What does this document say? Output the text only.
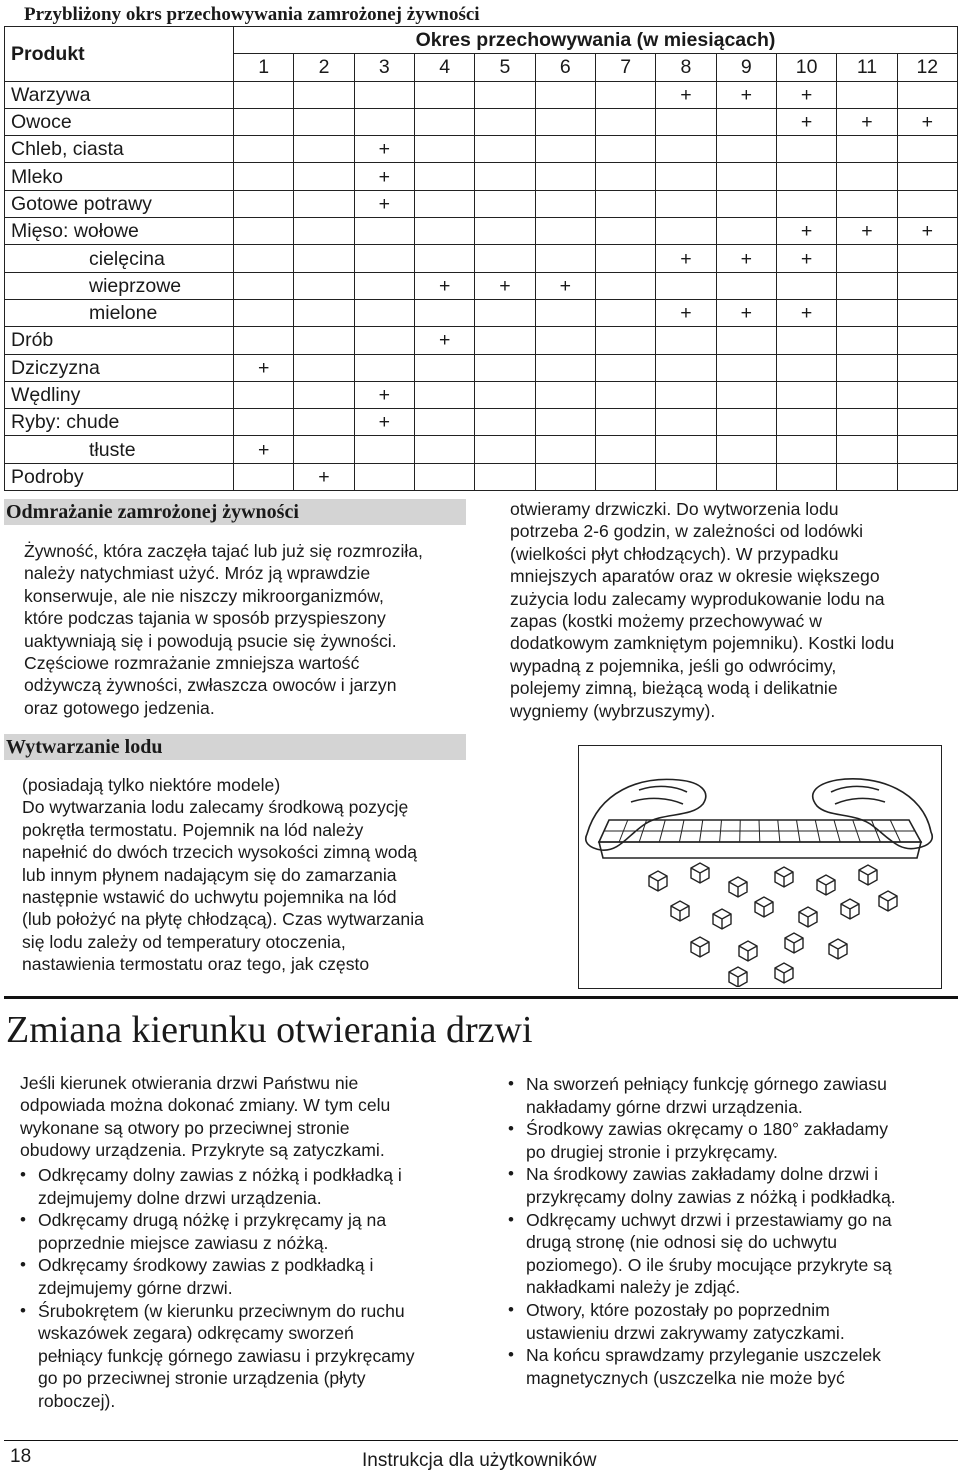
Przybliżony okrs przechowywania zamrożonej żywności
Produkt	Okres przechowywania (w miesiącach)											
	1	2	3	4	5	6	7	8	9	10	11	12
Warzywa								+	+	+		
Owoce										+	+	+
Chleb, ciasta			+									
Mleko			+									
Gotowe potrawy			+									
Mięso: wołowe										+	+	+
cielęcina								+	+	+		
wieprzowe				+	+	+						
mielone								+	+	+		
Drób				+								
Dziczyzna	+											
Wędliny			+									
Ryby: chude			+									
tłuste	+											
Podroby		+										
Odmrażanie zamrożonej żywności
Żywność, która zaczęła tajać lub już się rozmroziła,
należy natychmiast użyć. Mróz ją wprawdzie
konserwuje, ale nie niszczy mikroorganizmów,
które podczas tajania w sposób przyspieszony
uaktywniają się i powodują psucie się żywności.
Częściowe rozmrażanie zmniejsza wartość
odżywczą żywności, zwłaszcza owoców i jarzyn
oraz gotowego jedzenia.
Wytwarzanie lodu
(posiadają tylko niektóre modele)
Do wytwarzania lodu zalecamy środkową pozycję
pokrętła termostatu. Pojemnik na lód należy
napełnić do dwóch trzecich wysokości zimną wodą
lub innym płynem nadającym się do zamarzania
następnie wstawić do uchwytu pojemnika na lód
(lub położyć na płytę chłodzącą). Czas wytwarzania
się lodu zależy od temperatury otoczenia,
nastawienia termostatu oraz tego, jak często
otwieramy drzwiczki. Do wytworzenia lodu
potrzeba 2-6 godzin, w zależności od lodówki
(wielkości płyt chłodzących). W przypadku
mniejszych aparatów oraz w okresie większego
zużycia lodu zalecamy wyprodukowanie lodu na
zapas (kostki możemy przechowywać w
dodatkowym zamkniętym pojemniku). Kostki lodu
wypadną z pojemnika, jeśli go odwrócimy,
polejemy zimną, bieżącą wodą i delikatnie
wygniemy (wybrzuszymy).
Zmiana kierunku otwierania drzwi
Jeśli kierunek otwierania drzwi Państwu nie
odpowiada można dokonać zmiany. W tym celu
wykonane są otwory po przeciwnej stronie
obudowy urządzenia. Przykryte są zatyczkami.
• Odkręcamy dolny zawias z nóżką i podkładką i
zdejmujemy dolne drzwi urządzenia.
• Odkręcamy drugą nóżkę i przykręcamy ją na
poprzednie miejsce zawiasu z nóżką.
• Odkręcamy środkowy zawias z podkładką i
zdejmujemy górne drzwi.
• Śrubokrętem (w kierunku przeciwnym do ruchu
wskazówek zegara) odkręcamy sworzeń
pełniący funkcję górnego zawiasu i przykręcamy
go po przeciwnej stronie urządzenia (płyty
roboczej).
• Na sworzeń pełniący funkcję górnego zawiasu
nakładamy górne drzwi urządzenia.
• Środkowy zawias okręcamy o 180° zakładamy
po drugiej stronie i przykręcamy.
• Na środkowy zawias zakładamy dolne drzwi i
przykręcamy dolny zawias z nóżką i podkładką.
• Odkręcamy uchwyt drzwi i przestawiamy go na
drugą stronę (nie odnosi się do uchwytu
poziomego). O ile śruby mocujące przykryte są
nakładkami należy je zdjąć.
• Otwory, które pozostały po poprzednim
ustawieniu drzwi zakrywamy zatyczkami.
• Na końcu sprawdzamy przyleganie uszczelek
magnetycznych (uszczelka nie może być
18	Instrukcja dla użytkowników
